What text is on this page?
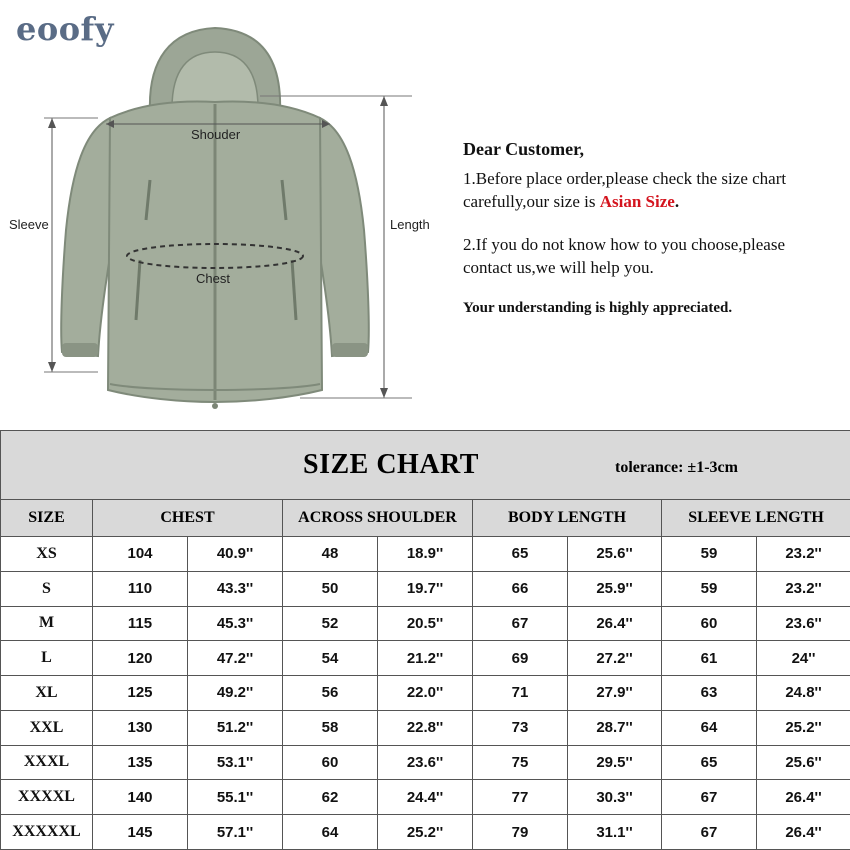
eoofy
Shouder
Sleeve
Chest
Length

Dear Customer,

1.Before place order,please check the size chart carefully,our size is Asian Size.

2.If you do not know how to you choose,please contact us,we will help you.

Your understanding is highly appreciated.

SIZE CHART tolerance: ±1-3cm								

SIZE	CHEST		ACROSS SHOULDER		BODY LENGTH		SLEEVE LENGTH	
XS	104	40.9''	48	18.9''	65	25.6''	59	23.2''
S	110	43.3''	50	19.7''	66	25.9''	59	23.2''
M	115	45.3''	52	20.5''	67	26.4''	60	23.6''
L	120	47.2''	54	21.2''	69	27.2''	61	24''
XL	125	49.2''	56	22.0''	71	27.9''	63	24.8''
XXL	130	51.2''	58	22.8''	73	28.7''	64	25.2''
XXXL	135	53.1''	60	23.6''	75	29.5''	65	25.6''
XXXXL	140	55.1''	62	24.4''	77	30.3''	67	26.4''
XXXXXL	145	57.1''	64	25.2''	79	31.1''	67	26.4''
